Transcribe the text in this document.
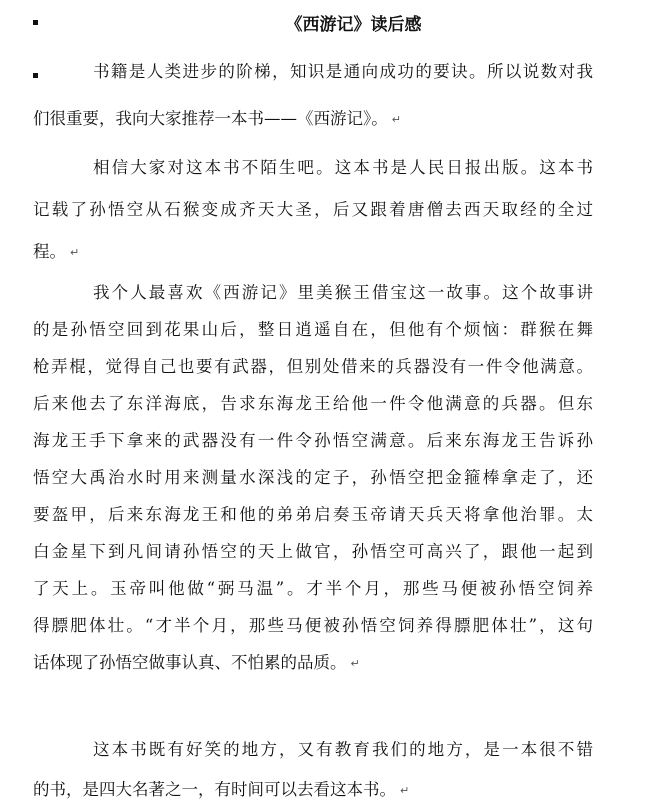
《西游记》读后感
书籍是人类进步的阶梯，知识是通向成功的要诀。所以说数对我
们很重要，我向大家推荐一本书——《西游记》。 ↵
相信大家对这本书不陌生吧。这本书是人民日报出版。这本书
记载了孙悟空从石猴变成齐天大圣，后又跟着唐僧去西天取经的全过
程。 ↵
我个人最喜欢《西游记》里美猴王借宝这一故事。这个故事讲
的是孙悟空回到花果山后，整日逍遥自在，但他有个烦恼：群猴在舞
枪弄棍，觉得自己也要有武器，但别处借来的兵器没有一件令他满意。
后来他去了东洋海底，告求东海龙王给他一件令他满意的兵器。但东
海龙王手下拿来的武器没有一件令孙悟空满意。后来东海龙王告诉孙
悟空大禹治水时用来测量水深浅的定子，孙悟空把金箍棒拿走了，还
要盔甲，后来东海龙王和他的弟弟启奏玉帝请天兵天将拿他治罪。太
白金星下到凡间请孙悟空的天上做官，孙悟空可高兴了，跟他一起到
了天上。玉帝叫他做“弼马温”。才半个月，那些马便被孙悟空饲养
得膘肥体壮。“才半个月，那些马便被孙悟空饲养得膘肥体壮”，这句
话体现了孙悟空做事认真、不怕累的品质。 ↵
这本书既有好笑的地方，又有教育我们的地方，是一本很不错
的书，是四大名著之一，有时间可以去看这本书。 ↵
